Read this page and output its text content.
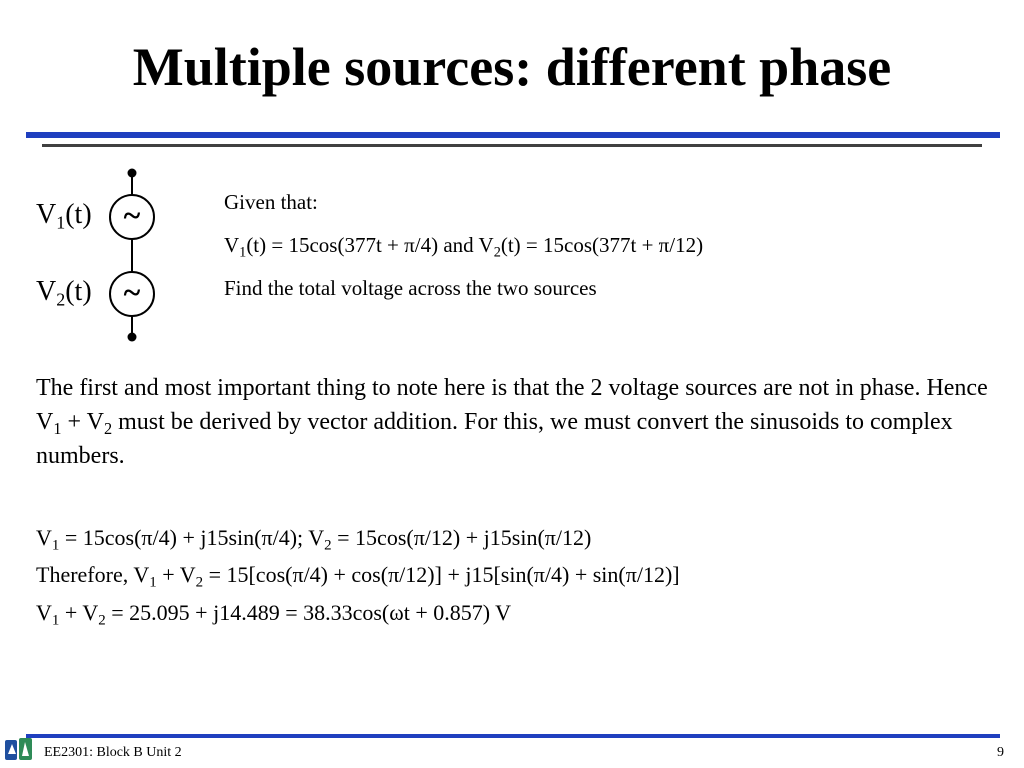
Multiple sources: different phase
~
~
$V_1(t)$
$V_2(t)$
Given that:
$V_1(t) = 15\cos(377t + \pi/4)$ and $V_2(t) = 15\cos(377t + \pi/12)$
Find the total voltage across the two sources
The first and most important thing to note here is that the 2 voltage sources are not in phase. Hence $V_1 + V_2$ must be derived by vector addition. For this, we must convert the sinusoids to complex numbers.
$V_1 = 15\cos(\pi/4) + j15\sin(\pi/4)$; $V_2 = 15\cos(\pi/12) + j15\sin(\pi/12)$
Therefore, $V_1 + V_2 = 15[\cos(\pi/4) + \cos(\pi/12)] + j15[\sin(\pi/4) + \sin(\pi/12)]$
$V_1 + V_2 = 25.095 + j14.489 = 38.33\cos(\omega t + 0.857)$ V
EE2301: Block B Unit 2	9
